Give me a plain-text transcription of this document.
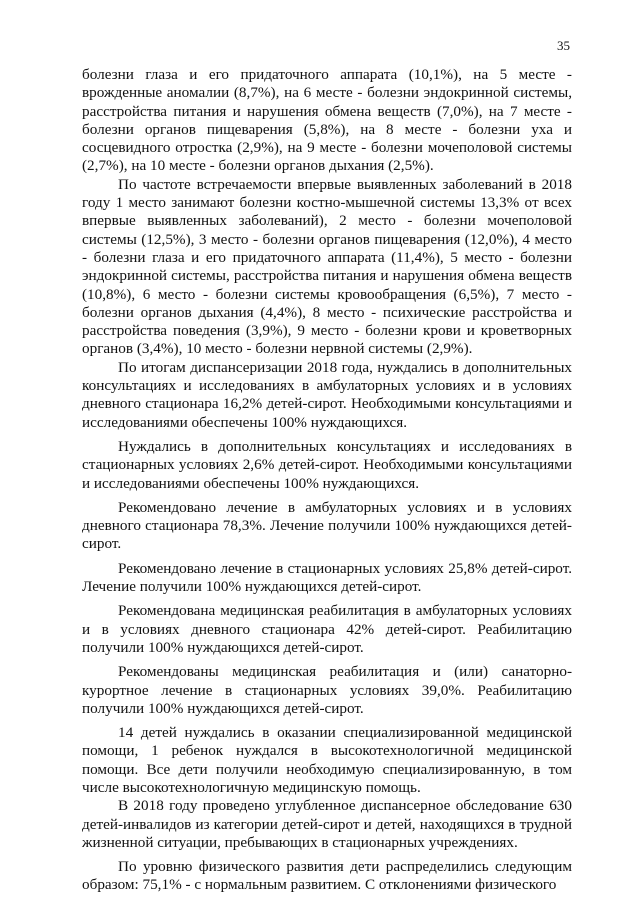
35

болезни глаза и его придаточного аппарата (10,1%), на 5 месте - врожденные аномалии (8,7%), на 6 месте - болезни эндокринной системы, расстройства питания и нарушения обмена веществ (7,0%), на 7 месте - болезни органов пищеварения (5,8%), на 8 месте - болезни уха и сосцевидного отростка (2,9%), на 9 месте - болезни мочеполовой системы (2,7%), на 10 месте - болезни органов дыхания (2,5%).

По частоте встречаемости впервые выявленных заболеваний в 2018 году 1 место занимают болезни костно-мышечной системы 13,3% от всех впервые выявленных заболеваний), 2 место - болезни мочеполовой системы (12,5%), 3 место - болезни органов пищеварения (12,0%), 4 место - болезни глаза и его придаточного аппарата (11,4%), 5 место - болезни эндокринной системы, расстройства питания и нарушения обмена веществ (10,8%), 6 место - болезни системы кровообращения (6,5%), 7 место - болезни органов дыхания (4,4%), 8 место - психические расстройства и расстройства поведения (3,9%), 9 место - болезни крови и кроветворных органов (3,4%), 10 место - болезни нервной системы (2,9%).

По итогам диспансеризации 2018 года, нуждались в дополнительных консультациях и исследованиях в амбулаторных условиях и в условиях дневного стационара 16,2% детей-сирот. Необходимыми консультациями и исследованиями обеспечены 100% нуждающихся.

Нуждались в дополнительных консультациях и исследованиях в стационарных условиях 2,6% детей-сирот. Необходимыми консультациями и исследованиями обеспечены 100% нуждающихся.

Рекомендовано лечение в амбулаторных условиях и в условиях дневного стационара 78,3%. Лечение получили 100% нуждающихся детей-сирот.

Рекомендовано лечение в стационарных условиях 25,8% детей-сирот. Лечение получили 100% нуждающихся детей-сирот.

Рекомендована медицинская реабилитация в амбулаторных условиях и в условиях дневного стационара 42% детей-сирот. Реабилитацию получили 100% нуждающихся детей-сирот.

Рекомендованы медицинская реабилитация и (или) санаторно-курортное лечение в стационарных условиях 39,0%. Реабилитацию получили 100% нуждающихся детей-сирот.

14 детей нуждались в оказании специализированной медицинской помощи, 1 ребенок нуждался в высокотехнологичной медицинской помощи. Все дети получили необходимую специализированную, в том числе высокотехнологичную медицинскую помощь.

В 2018 году проведено углубленное диспансерное обследование 630 детей-инвалидов из категории детей-сирот и детей, находящихся в трудной жизненной ситуации, пребывающих в стационарных учреждениях.

По уровню физического развития дети распределились следующим образом: 75,1% - с нормальным развитием. С отклонениями физического
